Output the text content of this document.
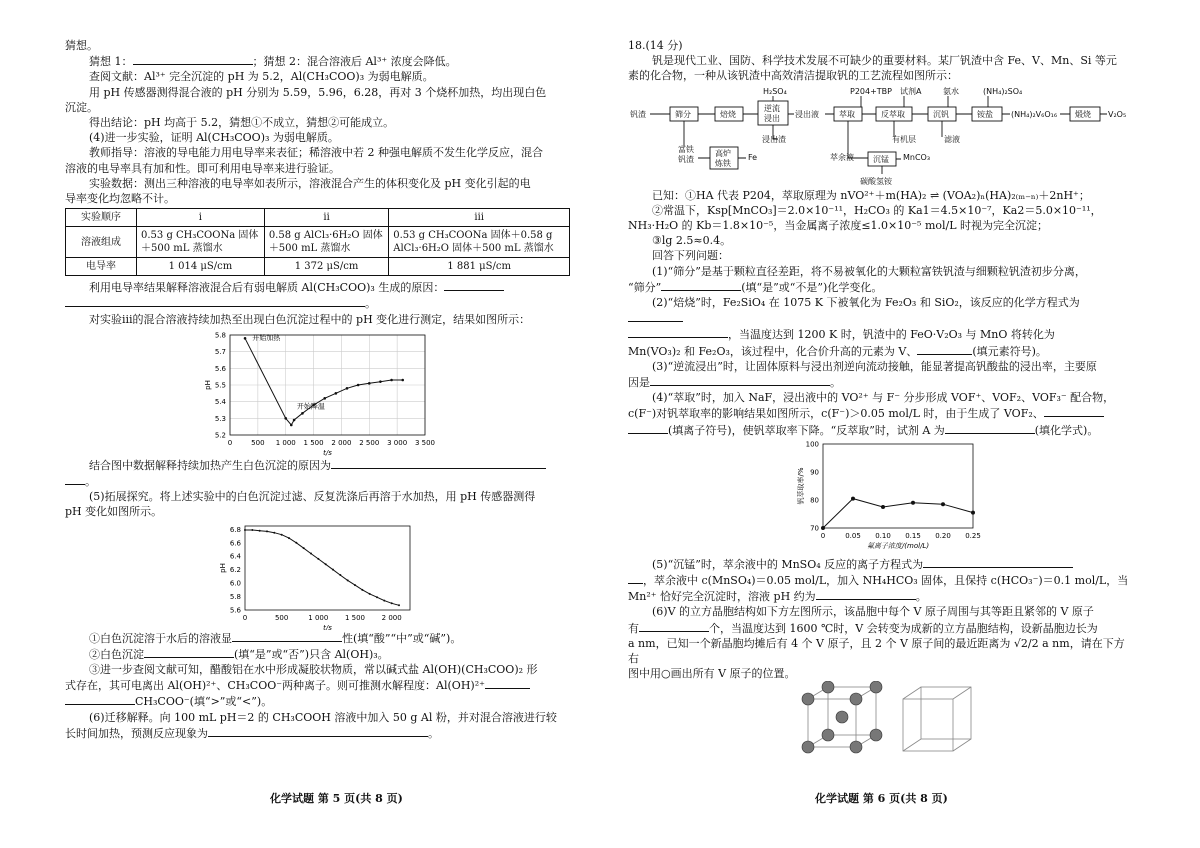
猜想。

猜想 1：	；猜想 2：混合溶液后 Al³⁺ 浓度会降低。

查阅文献：Al³⁺ 完全沉淀的 pH 为 5.2，Al(CH₃COO)₃ 为弱电解质。

用 pH 传感器测得混合液的 pH 分别为 5.59，5.96，6.28，再对 3 个烧杯加热，均出现白色

沉淀。

得出结论：pH 均高于 5.2，猜想①不成立，猜想②可能成立。

(4)进一步实验，证明 Al(CH₃COO)₃ 为弱电解质。

教师指导：溶液的导电能力用电导率来表征；稀溶液中若 2 种强电解质不发生化学反应，混合

溶液的电导率具有加和性。即可利用电导率来进行验证。

实验数据：测出三种溶液的电导率如表所示，溶液混合产生的体积变化及 pH 变化引起的电

导率变化均忽略不计。

实验顺序	ⅰ	ⅱ	ⅲ
溶液组成	0.53 g CH₃COONa 固体＋500 mL 蒸馏水	0.58 g AlCl₃·6H₂O 固体＋500 mL 蒸馏水	0.53 g CH₃COONa 固体＋0.58 g AlCl₃·6H₂O 固体＋500 mL 蒸馏水
电导率	1 014 μS/cm	1 372 μS/cm	1 881 μS/cm

利用电导率结果解释溶液混合后有弱电解质 Al(CH₃COO)₃ 生成的原因：

。

对实验ⅲ的混合溶液持续加热至出现白色沉淀过程中的 pH 变化进行测定，结果如图所示：

0	500 1 000 1 500 2 000 2 500 3 000 3 500
5.2
5.3
5.4
5.5
5.6
5.7
5.8
t/s
pH
开始加热
开始降温

结合图中数据解释持续加热产生白色沉淀的原因为

。

(5)拓展探究。将上述实验中的白色沉淀过滤、反复洗涤后再溶于水加热，用 pH 传感器测得

pH 变化如图所示。

0	500	1 000 1 500 2 000
5.6
5.8
6.0
6.2
6.4
6.6
6.8
t/s
pH

①白色沉淀溶于水后的溶液显	性(填“酸”“中”或“碱”)。

②白色沉淀	(填“是”或“否”)只含 Al(OH)₃。

③进一步查阅文献可知，醋酸铝在水中形成凝胶状物质，常以碱式盐 Al(OH)(CH₃COO)₂ 形

式存在，其可电离出 Al(OH)²⁺、CH₃COO⁻两种离子。则可推测水解程度：Al(OH)²⁺

CH₃COO⁻(填“>”或“<”)。

(6)迁移解释。向 100 mL pH＝2 的 CH₃COOH 溶液中加入 50 g Al 粉，并对混合溶液进行较

长时间加热，预测反应现象为	。

18.(14 分)

钒是现代工业、国防、科学技术发展不可缺少的重要材料。某厂钒渣中含 Fe、V、Mn、Si 等元

素的化合物，一种从该钒渣中高效清洁提取钒的工艺流程如图所示：

钒渣
H₂SO₄	P204+TBP 试剂A	氨水	(NH₄)₂SO₄
浸出液	(NH₄)₂V₆O₁₆	V₂O₅
浸出渣	有机层	滤液
富铁
钒渣	Fe	萃余液	MnCO₃
碳酸氢铵
筛分	焙烧
逆流
浸出	萃取	反萃取	沉钒	铵盐	煅烧
高炉
炼铁	沉锰

已知：①HA 代表 P204，萃取原理为 nVO²⁺＋m(HA)₂ ⇌ (VOA₂)ₙ(HA)₂₍ₘ₋ₙ₎＋2nH⁺；

②常温下，Ksp[MnCO₃]＝2.0×10⁻¹¹，H₂CO₃ 的 Ka1＝4.5×10⁻⁷，Ka2＝5.0×10⁻¹¹，

NH₃·H₂O 的 Kb＝1.8×10⁻⁵，当金属离子浓度≤1.0×10⁻⁵ mol/L 时视为完全沉淀；

③lg 2.5≈0.4。

回答下列问题：

(1)“筛分”是基于颗粒直径差距，将不易被氧化的大颗粒富铁钒渣与细颗粒钒渣初步分离，

“筛分”	(填“是”或“不是”)化学变化。

(2)“焙烧”时，Fe₂SiO₄ 在 1075 K 下被氧化为 Fe₂O₃ 和 SiO₂，该反应的化学方程式为

，当温度达到 1200 K 时，钒渣中的 FeO·V₂O₃ 与 MnO 将转化为

Mn(VO₃)₂ 和 Fe₂O₃，该过程中，化合价升高的元素为 V、	(填元素符号)。

(3)“逆流浸出”时，让固体原料与浸出剂逆向流动接触，能显著提高钒酸盐的浸出率，主要原

因是	。

(4)“萃取”时，加入 NaF，浸出液中的 VO²⁺ 与 F⁻ 分步形成 VOF⁺、VOF₂、VOF₃⁻ 配合物，

c(F⁻)对钒萃取率的影响结果如图所示，c(F⁻)＞0.05 mol/L 时，由于生成了 VOF₂、

(填离子符号)，使钒萃取率下降。“反萃取”时，试剂 A 为	(填化学式)。

0	0.05 0.10 0.15 0.20 0.25
70
80
90
100
氟离子浓度/(mol/L)
钒萃取率/%

(5)“沉锰”时，萃余液中的 MnSO₄ 反应的离子方程式为

，萃余液中 c(MnSO₄)＝0.05 mol/L，加入 NH₄HCO₃ 固体，且保持 c(HCO₃⁻)＝0.1 mol/L，当

Mn²⁺ 恰好完全沉淀时，溶液 pH 约为	。

(6)V 的立方晶胞结构如下方左图所示，该晶胞中每个 V 原子周围与其等距且紧邻的 V 原子

有	个，当温度达到 1600 ℃时，V 会转变为成新的立方晶胞结构，设新晶胞边长为

a nm，已知一个新晶胞均摊后有 4 个 V 原子，且 2 个 V 原子间的最近距离为 √2/2 a nm，请在下方右

图中用○画出所有 V 原子的位置。

化学试题 第 5 页(共 8 页)	化学试题 第 6 页(共 8 页)
